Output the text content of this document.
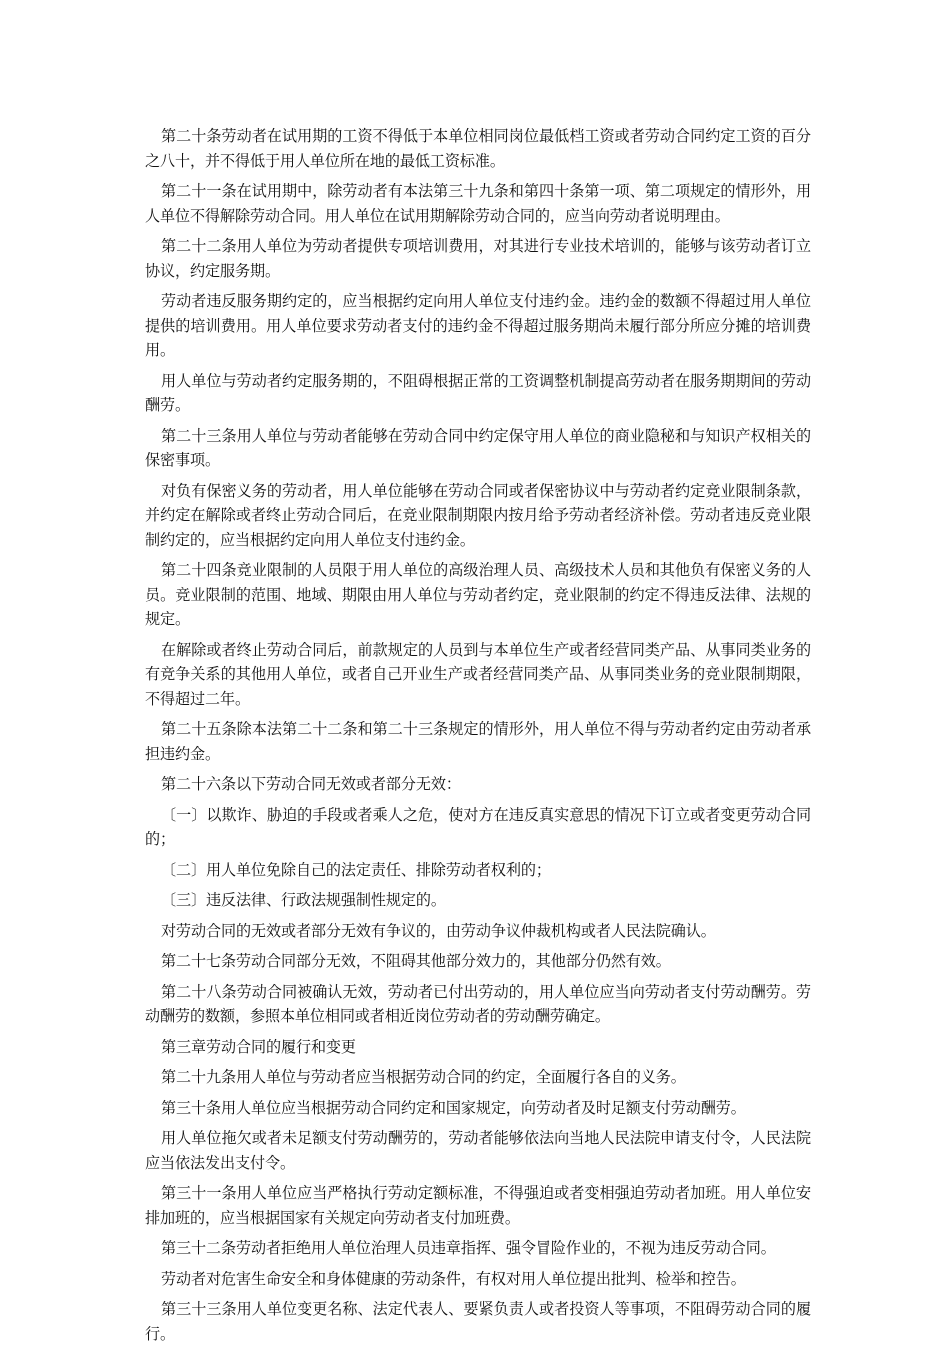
第二十条劳动者在试用期的工资不得低于本单位相同岗位最低档工资或者劳动合同约定工资的百分之八十，并不得低于用人单位所在地的最低工资标准。

第二十一条在试用期中，除劳动者有本法第三十九条和第四十条第一项、第二项规定的情形外，用人单位不得解除劳动合同。用人单位在试用期解除劳动合同的，应当向劳动者说明理由。

第二十二条用人单位为劳动者提供专项培训费用，对其进行专业技术培训的，能够与该劳动者订立协议，约定服务期。

劳动者违反服务期约定的，应当根据约定向用人单位支付违约金。违约金的数额不得超过用人单位提供的培训费用。用人单位要求劳动者支付的违约金不得超过服务期尚未履行部分所应分摊的培训费用。

用人单位与劳动者约定服务期的，不阻碍根据正常的工资调整机制提高劳动者在服务期期间的劳动酬劳。

第二十三条用人单位与劳动者能够在劳动合同中约定保守用人单位的商业隐秘和与知识产权相关的保密事项。

对负有保密义务的劳动者，用人单位能够在劳动合同或者保密协议中与劳动者约定竞业限制条款，并约定在解除或者终止劳动合同后，在竞业限制期限内按月给予劳动者经济补偿。劳动者违反竞业限制约定的，应当根据约定向用人单位支付违约金。

第二十四条竞业限制的人员限于用人单位的高级治理人员、高级技术人员和其他负有保密义务的人员。竞业限制的范围、地域、期限由用人单位与劳动者约定，竞业限制的约定不得违反法律、法规的规定。

在解除或者终止劳动合同后，前款规定的人员到与本单位生产或者经营同类产品、从事同类业务的有竞争关系的其他用人单位，或者自己开业生产或者经营同类产品、从事同类业务的竞业限制期限，不得超过二年。

第二十五条除本法第二十二条和第二十三条规定的情形外，用人单位不得与劳动者约定由劳动者承担违约金。

第二十六条以下劳动合同无效或者部分无效：

〔一〕以欺诈、胁迫的手段或者乘人之危，使对方在违反真实意思的情况下订立或者变更劳动合同的；

〔二〕用人单位免除自己的法定责任、排除劳动者权利的；

〔三〕违反法律、行政法规强制性规定的。

对劳动合同的无效或者部分无效有争议的，由劳动争议仲裁机构或者人民法院确认。

第二十七条劳动合同部分无效，不阻碍其他部分效力的，其他部分仍然有效。

第二十八条劳动合同被确认无效，劳动者已付出劳动的，用人单位应当向劳动者支付劳动酬劳。劳动酬劳的数额，参照本单位相同或者相近岗位劳动者的劳动酬劳确定。

第三章劳动合同的履行和变更

第二十九条用人单位与劳动者应当根据劳动合同的约定，全面履行各自的义务。

第三十条用人单位应当根据劳动合同约定和国家规定，向劳动者及时足额支付劳动酬劳。

用人单位拖欠或者未足额支付劳动酬劳的，劳动者能够依法向当地人民法院申请支付令，人民法院应当依法发出支付令。

第三十一条用人单位应当严格执行劳动定额标准，不得强迫或者变相强迫劳动者加班。用人单位安排加班的，应当根据国家有关规定向劳动者支付加班费。

第三十二条劳动者拒绝用人单位治理人员违章指挥、强令冒险作业的，不视为违反劳动合同。

劳动者对危害生命安全和身体健康的劳动条件，有权对用人单位提出批判、检举和控告。

第三十三条用人单位变更名称、法定代表人、要紧负责人或者投资人等事项，不阻碍劳动合同的履行。
